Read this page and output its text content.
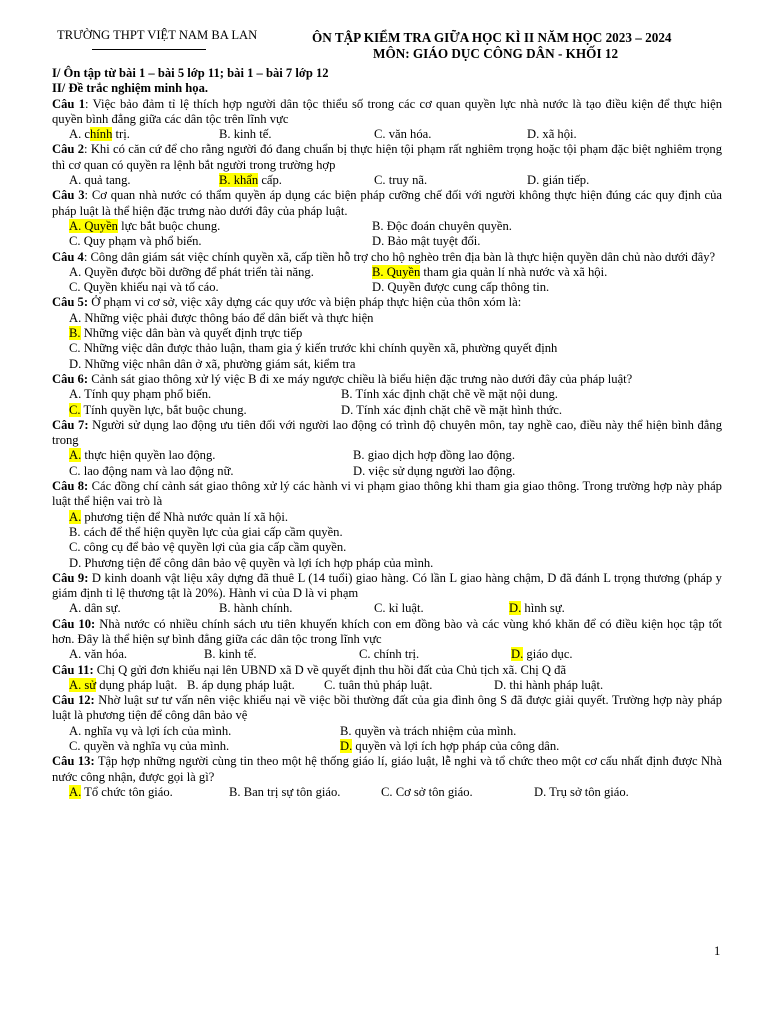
TRƯỜNG THPT VIỆT NAM BA LAN	ÔN TẬP KIỂM TRA GIỮA HỌC KÌ II NĂM HỌC 2023 – 2024
MÔN: GIÁO DỤC CÔNG DÂN - KHỐI 12
I/ Ôn tập từ bài 1 – bài 5 lớp 11; bài 1 – bài 7 lớp 12
II/ Đề trắc nghiệm minh họa.
Câu 1: Việc bảo đảm tỉ lệ thích hợp người dân tộc thiểu số trong các cơ quan quyền lực nhà nước là tạo điều kiện để thực hiện quyền bình đẳng giữa các dân tộc trên lĩnh vực
A. chính trị.	B. kinh tế.	C. văn hóa.	D. xã hội.
Câu 2: Khi có căn cứ để cho rằng người đó đang chuẩn bị thực hiện tội phạm rất nghiêm trọng hoặc tội phạm đặc biệt nghiêm trọng thì cơ quan có quyền ra lệnh bắt người trong trường hợp
A. quả tang.	B. khẩn cấp.	C. truy nã.	D. gián tiếp.
Câu 3: Cơ quan nhà nước có thẩm quyền áp dụng các biện pháp cưỡng chế đối với người không thực hiện đúng các quy định của pháp luật là thể hiện đặc trưng nào dưới đây của pháp luật.
A. Quyền lực bắt buộc chung.	B. Độc đoán chuyên quyền.
C. Quy phạm và phổ biến.	D. Bảo mật tuyệt đối.
Câu 4: Công dân giám sát việc chính quyền xã, cấp tiền hỗ trợ cho hộ nghèo trên địa bàn là thực hiện quyền dân chủ nào dưới đây?
A. Quyền được bồi dưỡng để phát triển tài năng.	B. Quyền tham gia quản lí nhà nước và xã hội.
C. Quyền khiếu nại và tố cáo.	D. Quyền được cung cấp thông tin.
Câu 5: Ở phạm vi cơ sở, việc xây dựng các quy ước và biện pháp thực hiện của thôn xóm là:
A. Những việc phải được thông báo để dân biết và thực hiện
B. Những việc dân bàn và quyết định trực tiếp
C. Những việc dân được thảo luận, tham gia ý kiến trước khi chính quyền xã, phường quyết định
D. Những việc nhân dân ở xã, phường giám sát, kiểm tra
Câu 6: Cảnh sát giao thông xử lý việc B đi xe máy ngược chiều là biểu hiện đặc trưng nào dưới đây của pháp luật?
A. Tính quy phạm phổ biến.	B. Tính xác định chặt chẽ về mặt nội dung.
C. Tính quyền lực, bắt buộc chung.	D. Tính xác định chặt chẽ về mặt hình thức.
Câu 7: Người sử dụng lao động ưu tiên đối với người lao động có trình độ chuyên môn, tay nghề cao, điều này thể hiện bình đẳng trong
A. thực hiện quyền lao động.	B. giao dịch hợp đồng lao động.
C. lao động nam và lao động nữ.	D. việc sử dụng người lao động.
Câu 8: Các đồng chí cảnh sát giao thông xử lý các hành vi vi phạm giao thông khi tham gia giao thông. Trong trường hợp này pháp luật thể hiện vai trò là
A. phương tiện để Nhà nước quản lí xã hội.
B. cách để thể hiện quyền lực của giai cấp cầm quyền.
C. công cụ để bảo vệ quyền lợi của gia cấp cầm quyền.
D. Phương tiện để công dân bảo vệ quyền và lợi ích hợp pháp của mình.
Câu 9: D kinh doanh vật liệu xây dựng đã thuê L (14 tuổi) giao hàng. Có lần L giao hàng chậm, D đã đánh L trọng thương (pháp y giám định tỉ lệ thương tật là 20%). Hành vi của D là vi phạm
A. dân sự.	B. hành chính.	C. kỉ luật.	D. hình sự.
Câu 10: Nhà nước có nhiều chính sách ưu tiên khuyến khích con em đồng bào và các vùng khó khăn để có điều kiện học tập tốt hơn. Đây là thể hiện sự bình đẳng giữa các dân tộc trong lĩnh vực
A. văn hóa.	B. kinh tế.	C. chính trị.	D. giáo dục.
Câu 11: Chị Q gửi đơn khiếu nại lên UBND xã D về quyết định thu hồi đất của Chủ tịch xã. Chị Q đã
A. sử dụng pháp luật. B. áp dụng pháp luật. C. tuân thủ pháp luật.	D. thi hành pháp luật.
Câu 12: Nhờ luật sư tư vấn nên việc khiếu nại về việc bồi thường đất của gia đình ông S đã được giải quyết. Trường hợp này pháp luật là phương tiện để công dân bảo vệ
A. nghĩa vụ và lợi ích của mình.	B. quyền và trách nhiệm của mình.
C. quyền và nghĩa vụ của mình.	D. quyền và lợi ích hợp pháp của công dân.
Câu 13: Tập hợp những người cùng tin theo một hệ thống giáo lí, giáo luật, lễ nghi và tổ chức theo một cơ cấu nhất định được Nhà nước công nhận, được gọi là gì?
A. Tổ chức tôn giáo.	B. Ban trị sự tôn giáo.	C. Cơ sở tôn giáo.	D. Trụ sở tôn giáo.
1
